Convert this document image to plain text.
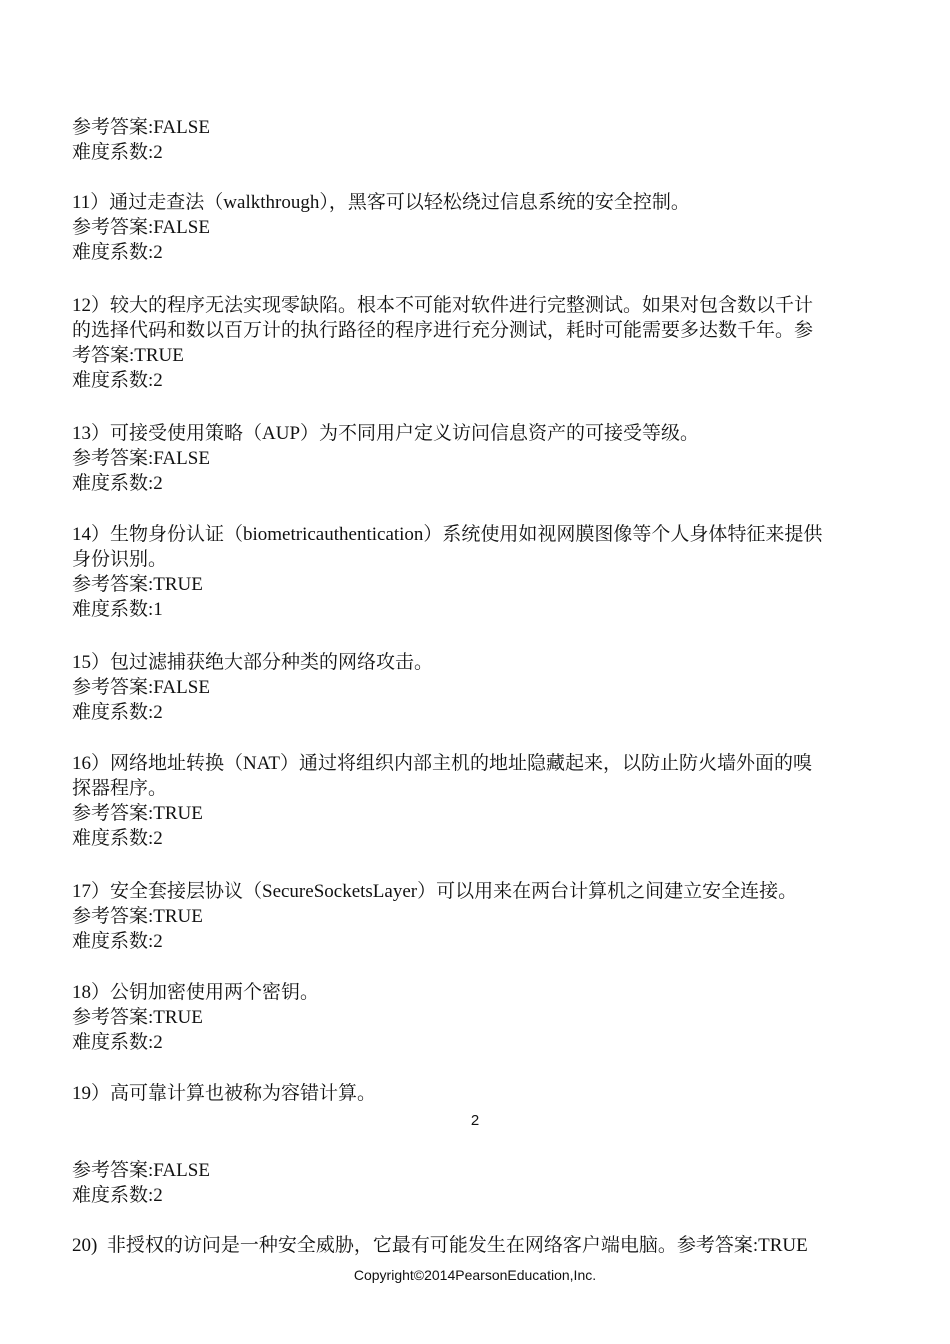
参考答案:FALSE
难度系数:2
11）通过走查法（walkthrough），黑客可以轻松绕过信息系统的安全控制。
参考答案:FALSE
难度系数:2
12）较大的程序无法实现零缺陷。根本不可能对软件进行完整测试。如果对包含数以千计
的选择代码和数以百万计的执行路径的程序进行充分测试，耗时可能需要多达数千年。参
考答案:TRUE
难度系数:2
13）可接受使用策略（AUP）为不同用户定义访问信息资产的可接受等级。
参考答案:FALSE
难度系数:2
14）生物身份认证（biometricauthentication）系统使用如视网膜图像等个人身体特征来提供
身份识别。
参考答案:TRUE
难度系数:1
15）包过滤捕获绝大部分种类的网络攻击。
参考答案:FALSE
难度系数:2
16）网络地址转换（NAT）通过将组织内部主机的地址隐藏起来，以防止防火墙外面的嗅
探器程序。
参考答案:TRUE
难度系数:2
17）安全套接层协议（SecureSocketsLayer）可以用来在两台计算机之间建立安全连接。
参考答案:TRUE
难度系数:2
18）公钥加密使用两个密钥。
参考答案:TRUE
难度系数:2
19）高可靠计算也被称为容错计算。
2
参考答案:FALSE
难度系数:2
20)  非授权的访问是一种安全威胁，它最有可能发生在网络客户端电脑。参考答案:TRUE
Copyright©2014PearsonEducation,Inc.
